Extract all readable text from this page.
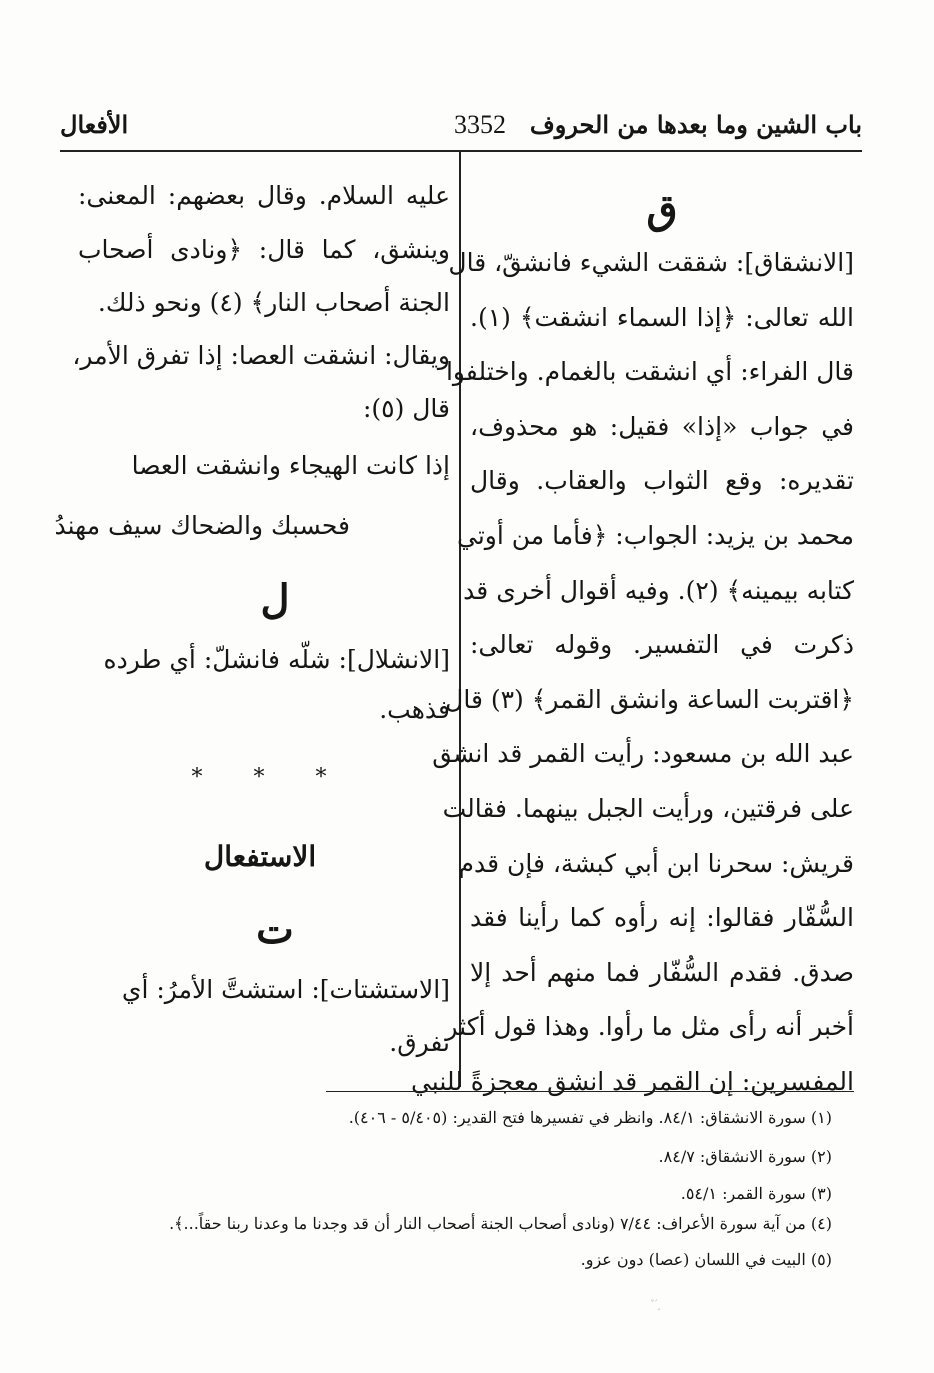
باب الشين وما بعدها من الحروف
3352
الأفعال
ق
[الانشقاق]: شققت الشيء فانشقّ، قال
الله تعالى: ﴿إذا السماء انشقت﴾ (١).
قال الفراء: أي انشقت بالغمام. واختلفوا
في جواب «إذا» فقيل: هو محذوف،
تقديره: وقع الثواب والعقاب. وقال
محمد بن يزيد: الجواب: ﴿فأما من أوتي
كتابه بيمينه﴾ (٢). وفيه أقوال أخرى قد
ذكرت في التفسير. وقوله تعالى:
﴿اقتربت الساعة وانشق القمر﴾ (٣) قال
عبد الله بن مسعود: رأيت القمر قد انشق
على فرقتين، ورأيت الجبل بينهما. فقالت
قريش: سحرنا ابن أبي كبشة، فإن قدم
السُّفّار فقالوا: إنه رأوه كما رأينا فقد
صدق. فقدم السُّفّار فما منهم أحد إلا
أخبر أنه رأى مثل ما رأوا. وهذا قول أكثر
المفسرين: إن القمر قد انشق معجزةً للنبي
عليه السلام. وقال بعضهم: المعنى:
وينشق، كما قال: ﴿ونادى أصحاب
الجنة أصحاب النار﴾ (٤) ونحو ذلك.
ويقال: انشقت العصا: إذا تفرق الأمر،
قال (٥):
إذا كانت الهيجاء وانشقت العصا
فحسبك والضحاك سيف مهندُ
ل
[الانشلال]: شلّه فانشلّ: أي طرده
فذهب.
* * *
الاستفعال
ت
[الاستشتات]: استشتَّ الأمرُ: أي
تفرق.
(١) سورة الانشقاق: ٨٤/١. وانظر في تفسيرها فتح القدير: (٥/٤٠٥ - ٤٠٦).
(٢) سورة الانشقاق: ٨٤/٧.
(٣) سورة القمر: ٥٤/١.
(٤) من آية سورة الأعراف: ٧/٤٤ (ونادى أصحاب الجنة أصحاب النار أن قد وجدنا ما وعدنا ربنا حقاً...﴾.
(٥) البيت في اللسان (عصا) دون عزو.
ˇ ́ ̧
